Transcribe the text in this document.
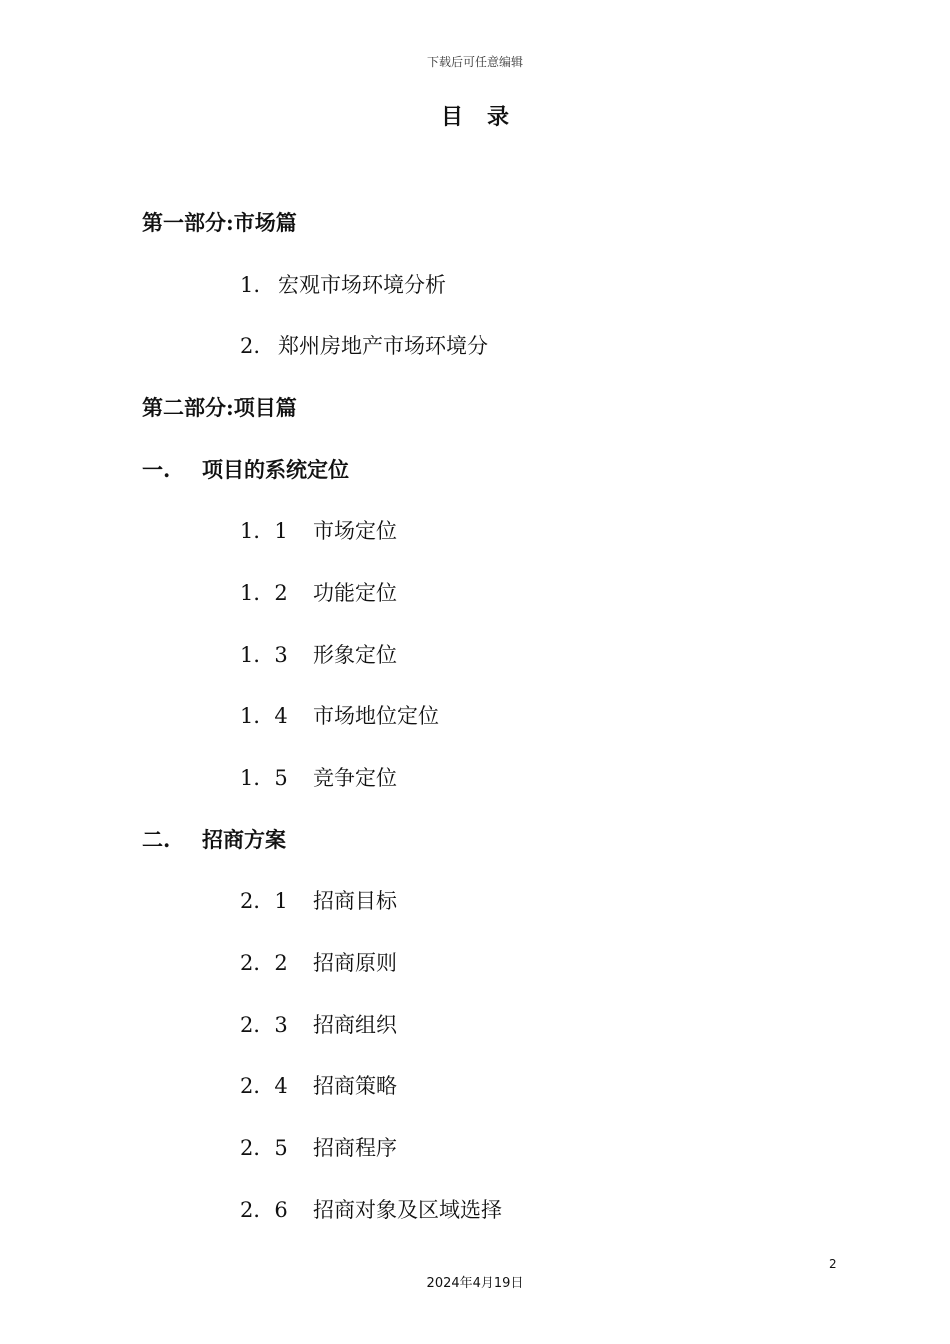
下载后可任意编辑
目录
第一部分:市场篇
1. 宏观市场环境分析
2. 郑州房地产市场环境分
第二部分:项目篇
一. 项目的系统定位
1．1 市场定位
1．2 功能定位
1．3 形象定位
1．4 市场地位定位
1．5 竞争定位
二. 招商方案
2．1 招商目标
2．2 招商原则
2．3 招商组织
2．4 招商策略
2．5 招商程序
2．6 招商对象及区域选择
2
2024年4月19日
